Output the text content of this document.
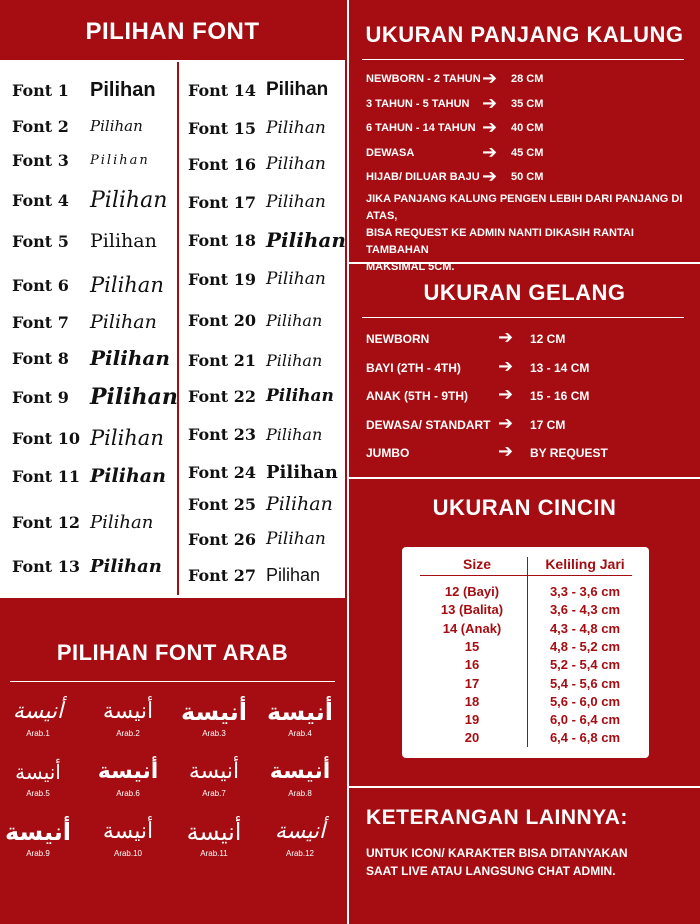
PILIHAN FONT
Font 1	Pilihan
Font 2	Pilihan
Font 3	Pilihan
Font 4 Pilihan
Font 5	Pilihan
Font 6	Pilihan
Font 7	Pilihan
Font 8	Pilihan
Font 9 Pilihan
Font 10 Pilihan
Font 11 Pilihan
Font 12 Pilihan
Font 13 Pilihan
Font 14 Pilihan
Font 15 Pilihan
Font 16 Pilihan
Font 17 Pilihan
Font 18 Pilihan
Font 19 Pilihan
Font 20 Pilihan
Font 21 Pilihan
Font 22 Pilihan
Font 23 Pilihan
Font 24 Pilihan
Font 25 Pilihan
Font 26 Pilihan
Font 27 Pilihan
UKURAN PANJANG KALUNG
NEWBORN - 2 TAHUN ➔ 28 CM
3 TAHUN - 5 TAHUN ➔ 35 CM
6 TAHUN - 14 TAHUN ➔ 40 CM
DEWASA	➔ 45 CM
HIJAB/ DILUAR BAJU ➔ 50 CM
JIKA PANJANG KALUNG PENGEN LEBIH DARI PANJANG DI ATAS,
BISA REQUEST KE ADMIN NANTI DIKASIH RANTAI TAMBAHAN
MAKSIMAL 5CM.
UKURAN GELANG
NEWBORN	➔ 12 CM
BAYI (2TH - 4TH) ➔ 13 - 14 CM
ANAK (5TH - 9TH) ➔ 15 - 16 CM
DEWASA/ STANDART ➔ 17 CM
JUMBO	➔ BY REQUEST
UKURAN CINCIN
Size	Keliling Jari
12 (Bayi)	3,3 - 3,6 cm
13 (Balita)	3,6 - 4,3 cm
14 (Anak)	4,3 - 4,8 cm
15	4,8 - 5,2 cm
16	5,2 - 5,4 cm
17	5,4 - 5,6 cm
18	5,6 - 6,0 cm
19	6,0 - 6,4 cm
20	6,4 - 6,8 cm
PILIHAN FONT ARAB
أنيسة
Arab.1
أنيسة
Arab.2
أنيسة
Arab.3
أنيسة
Arab.4
أنيسة
Arab.5
أنيسة
Arab.6
أنيسة
Arab.7
أنيسة
Arab.8
أنيسة
Arab.9
أنيسة
Arab.10
أنيسة
Arab.11
أنيسة
Arab.12
KETERANGAN LAINNYA:
UNTUK ICON/ KARAKTER BISA DITANYAKAN
SAAT LIVE ATAU LANGSUNG CHAT ADMIN.
